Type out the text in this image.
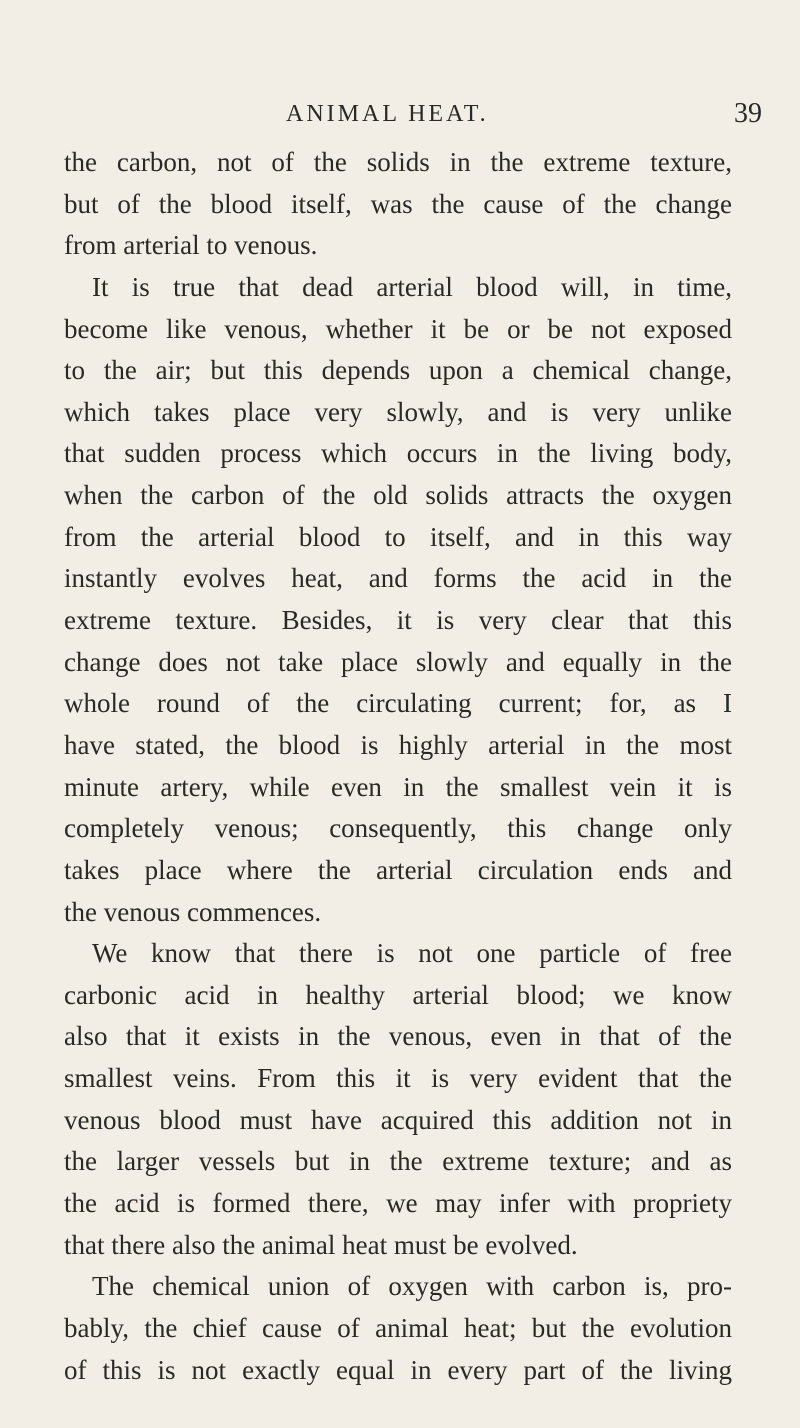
ANIMAL HEAT.	39
the carbon, not of the solids in the extreme texture,
but of the blood itself, was the cause of the change
from arterial to venous.
It is true that dead arterial blood will, in time,
become like venous, whether it be or be not exposed
to the air; but this depends upon a chemical change,
which takes place very slowly, and is very unlike
that sudden process which occurs in the living body,
when the carbon of the old solids attracts the oxygen
from the arterial blood to itself, and in this way
instantly evolves heat, and forms the acid in the
extreme texture. Besides, it is very clear that this
change does not take place slowly and equally in the
whole round of the circulating current; for, as I
have stated, the blood is highly arterial in the most
minute artery, while even in the smallest vein it is
completely venous; consequently, this change only
takes place where the arterial circulation ends and
the venous commences.
We know that there is not one particle of free
carbonic acid in healthy arterial blood; we know
also that it exists in the venous, even in that of the
smallest veins. From this it is very evident that the
venous blood must have acquired this addition not in
the larger vessels but in the extreme texture; and as
the acid is formed there, we may infer with propriety
that there also the animal heat must be evolved.
The chemical union of oxygen with carbon is, pro-
bably, the chief cause of animal heat; but the evolution
of this is not exactly equal in every part of the living
